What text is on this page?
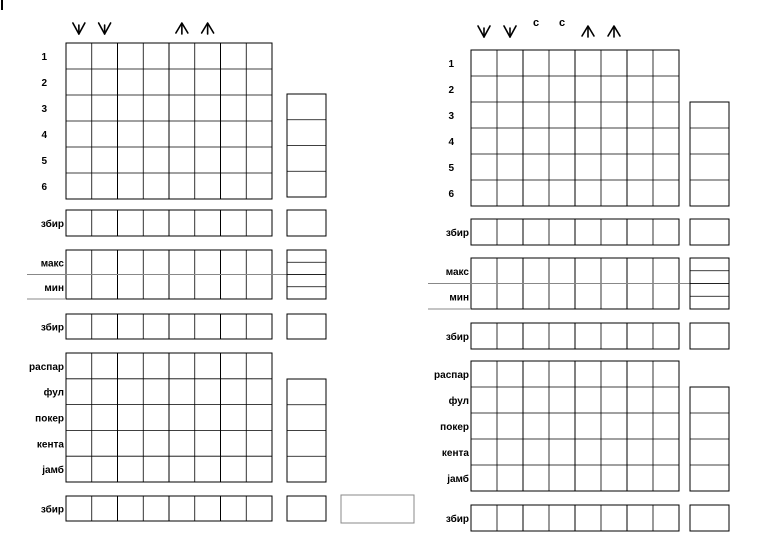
1
2
3
4
5
6
збир
макс
мин
збир
распар
фул
покер
кента
јамб
збир
с с
1
2
3
4
5
6
збир
макс
мин
збир
распар
фул
покер
кента
јамб
збир
